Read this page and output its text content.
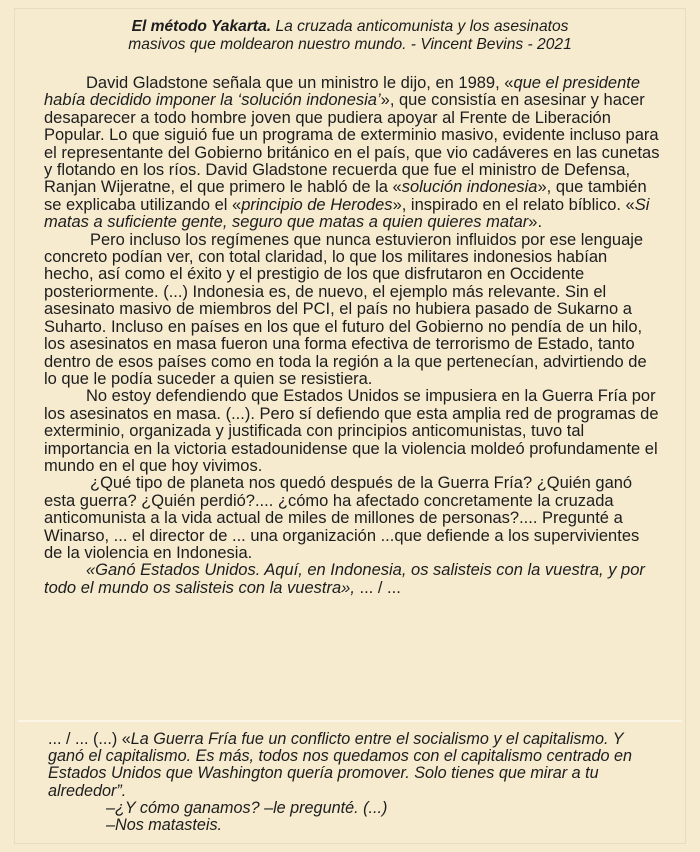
El método Yakarta. La cruzada anticomunista y los asesinatos
masivos que moldearon nuestro mundo. - Vincent Bevins - 2021

David Gladstone señala que un ministro le dijo, en 1989, «que el presidente había decidido imponer la ‘solución indonesia’», que consistía en asesinar y hacer desaparecer a todo hombre joven que pudiera apoyar al Frente de Liberación Popular. Lo que siguió fue un programa de exterminio masivo, evidente incluso para el representante del Gobierno británico en el país, que vio cadáveres en las cunetas y flotando en los ríos. David Gladstone recuerda que fue el ministro de Defensa, Ranjan Wijeratne, el que primero le habló de la «solución indonesia», que también se explicaba utilizando el «principio de Herodes», inspirado en el relato bíblico. «Si matas a suficiente gente, seguro que matas a quien quieres matar».

Pero incluso los regímenes que nunca estuvieron influidos por ese lenguaje concreto podían ver, con total claridad, lo que los militares indonesios habían hecho, así como el éxito y el prestigio de los que disfrutaron en Occidente posteriormente. (...) Indonesia es, de nuevo, el ejemplo más relevante. Sin el asesinato masivo de miembros del PCI, el país no hubiera pasado de Sukarno a Suharto. Incluso en países en los que el futuro del Gobierno no pendía de un hilo, los asesinatos en masa fueron una forma efectiva de terrorismo de Estado, tanto dentro de esos países como en toda la región a la que pertenecían, advirtiendo de lo que le podía suceder a quien se resistiera.

No estoy defendiendo que Estados Unidos se impusiera en la Guerra Fría por los asesinatos en masa. (...). Pero sí defiendo que esta amplia red de programas de exterminio, organizada y justificada con principios anticomunistas, tuvo tal importancia en la victoria estadounidense que la violencia moldeó profundamente el mundo en el que hoy vivimos.

¿Qué tipo de planeta nos quedó después de la Guerra Fría? ¿Quién ganó esta guerra? ¿Quién perdió?.... ¿cómo ha afectado concretamente la cruzada anticomunista a la vida actual de miles de millones de personas?.... Pregunté a Winarso, ... el director de ... una organización ...que defiende a los supervivientes de la violencia en Indonesia.

«Ganó Estados Unidos. Aquí, en Indonesia, os salisteis con la vuestra, y por todo el mundo os salisteis con la vuestra», ... / ...

... / ... (...) «La Guerra Fría fue un conflicto entre el socialismo y el capitalismo. Y ganó el capitalismo. Es más, todos nos quedamos con el capitalismo centrado en Estados Unidos que Washington quería promover. Solo tienes que mirar a tu alrededor”.

–¿Y cómo ganamos? –le pregunté. (...)

–Nos matasteis.
